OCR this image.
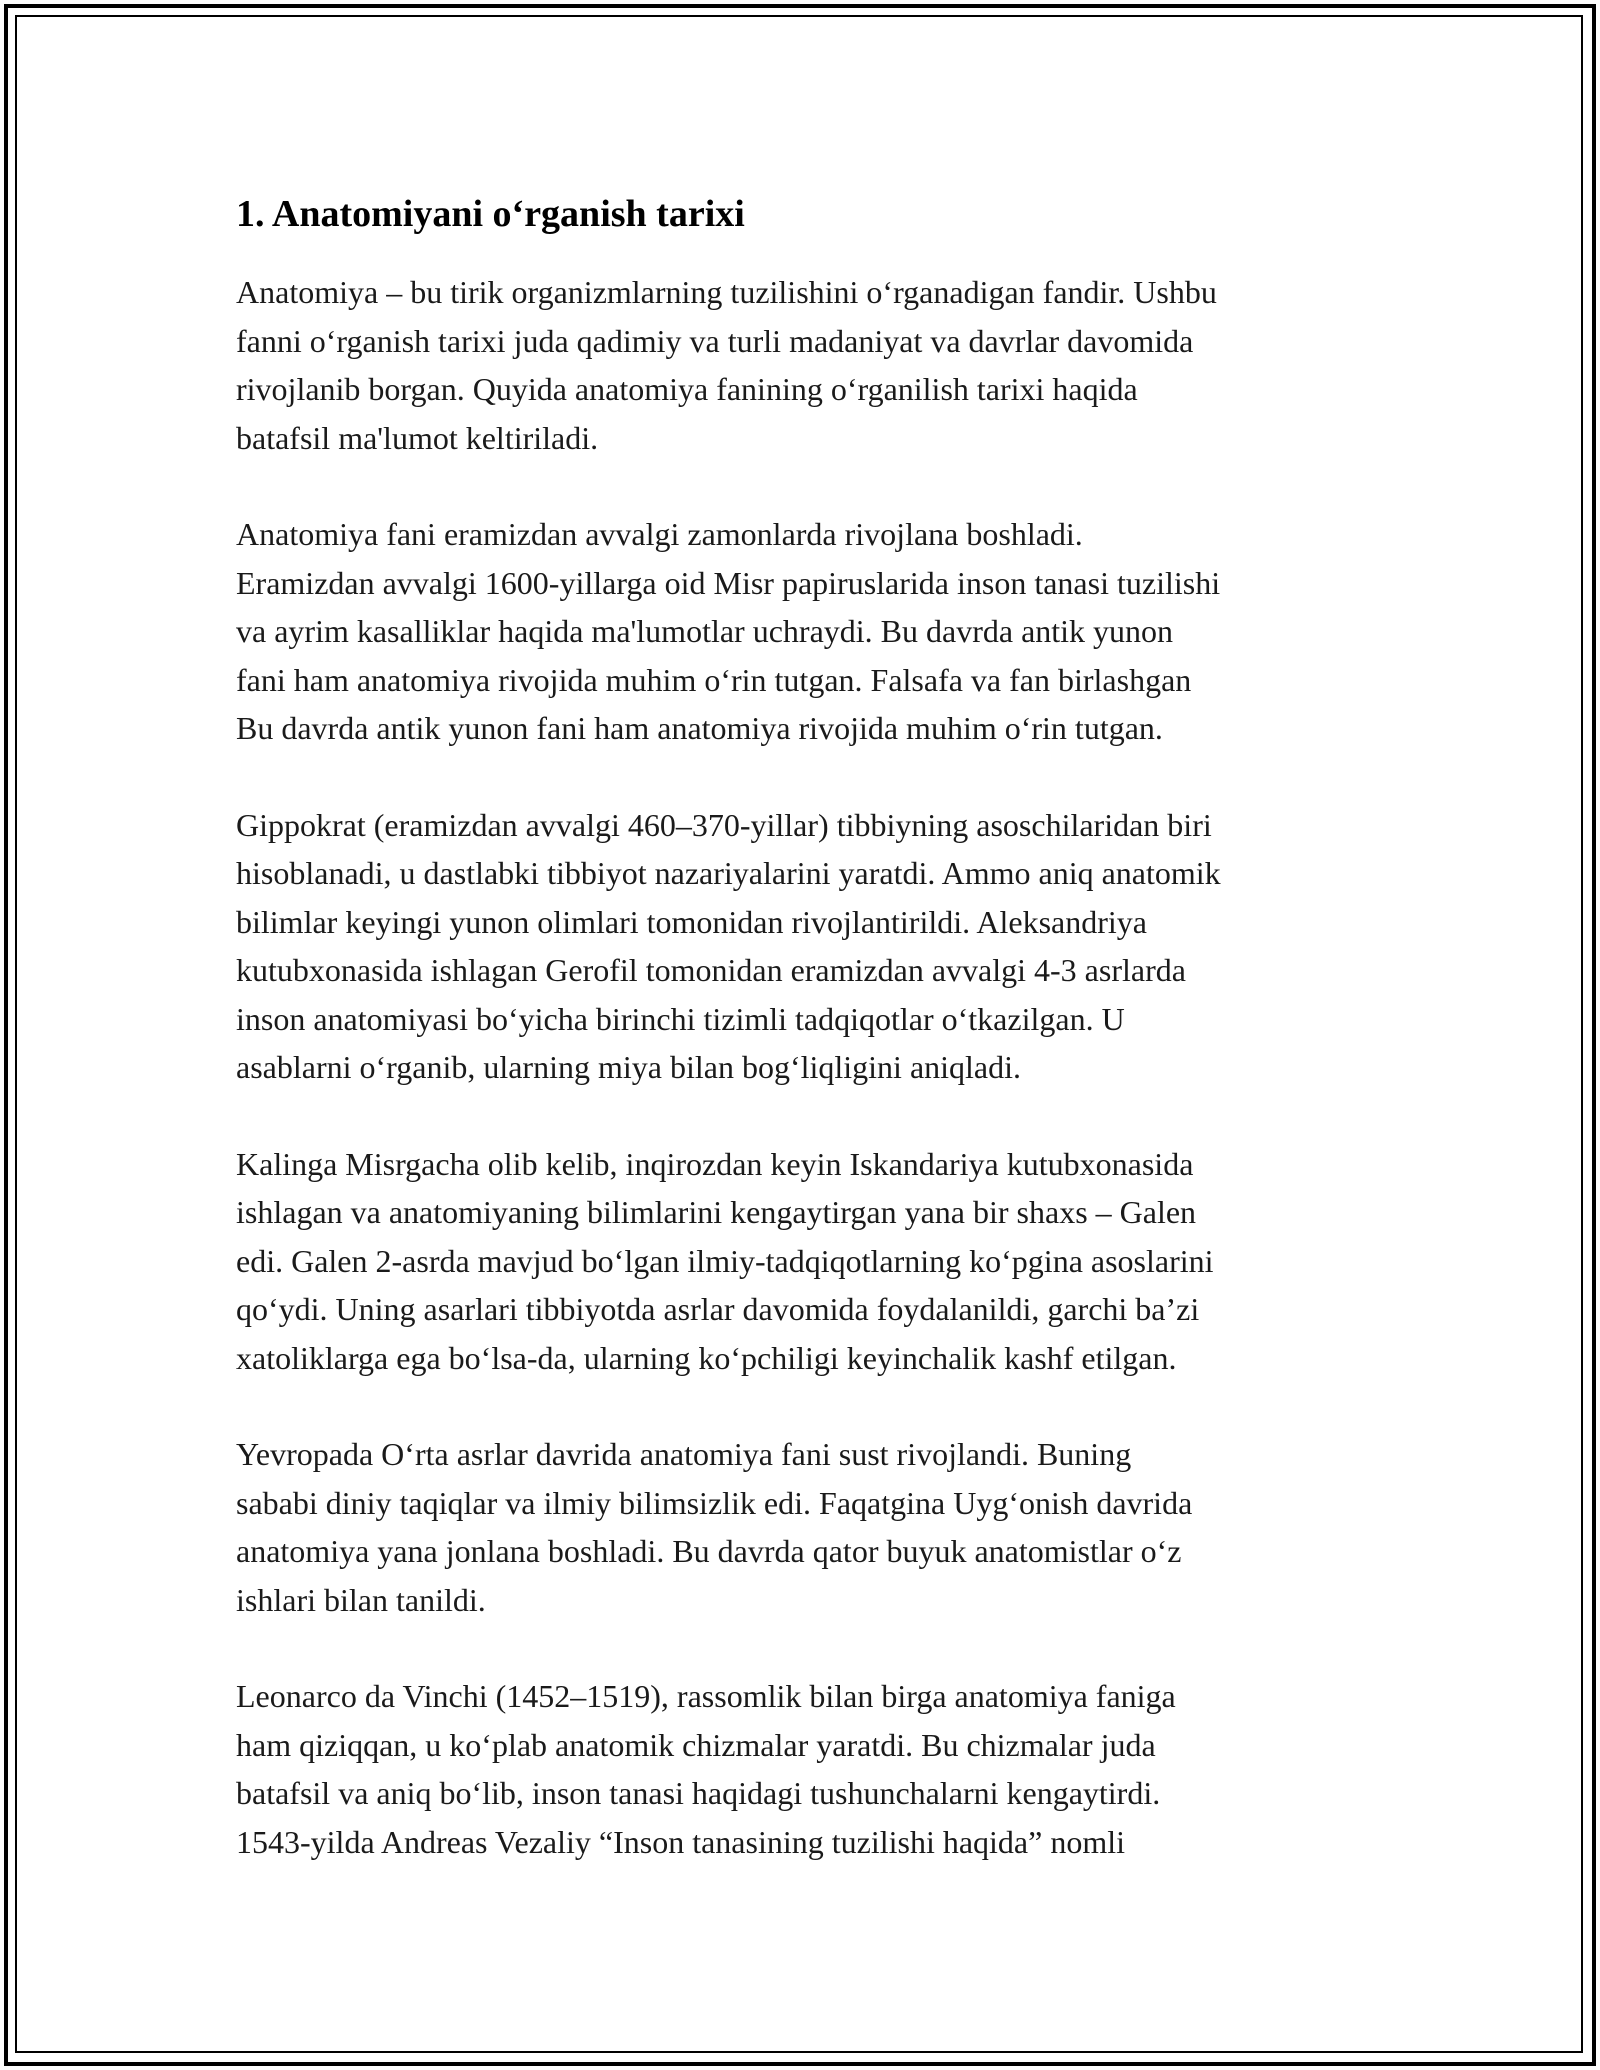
1. Anatomiyani o‘rganish tarixi

Anatomiya – bu tirik organizmlarning tuzilishini o‘rganadigan fandir. Ushbu
fanni o‘rganish tarixi juda qadimiy va turli madaniyat va davrlar davomida
rivojlanib borgan. Quyida anatomiya fanining o‘rganilish tarixi haqida
batafsil ma'lumot keltiriladi.

Anatomiya fani eramizdan avvalgi zamonlarda rivojlana boshladi.
Eramizdan avvalgi 1600-yillarga oid Misr papiruslarida inson tanasi tuzilishi
va ayrim kasalliklar haqida ma'lumotlar uchraydi. Bu davrda antik yunon
fani ham anatomiya rivojida muhim o‘rin tutgan. Falsafa va fan birlashgan
Bu davrda antik yunon fani ham anatomiya rivojida muhim o‘rin tutgan.

Gippokrat (eramizdan avvalgi 460–370-yillar) tibbiyning asoschilaridan biri
hisoblanadi, u dastlabki tibbiyot nazariyalarini yaratdi. Ammo aniq anatomik
bilimlar keyingi yunon olimlari tomonidan rivojlantirildi. Aleksandriya
kutubxonasida ishlagan Gerofil tomonidan eramizdan avvalgi 4-3 asrlarda
inson anatomiyasi bo‘yicha birinchi tizimli tadqiqotlar o‘tkazilgan. U
asablarni o‘rganib, ularning miya bilan bog‘liqligini aniqladi.

Kalinga Misrgacha olib kelib, inqirozdan keyin Iskandariya kutubxonasida
ishlagan va anatomiyaning bilimlarini kengaytirgan yana bir shaxs – Galen
edi. Galen 2-asrda mavjud bo‘lgan ilmiy-tadqiqotlarning ko‘pgina asoslarini
qo‘ydi. Uning asarlari tibbiyotda asrlar davomida foydalanildi, garchi ba’zi
xatoliklarga ega bo‘lsa-da, ularning ko‘pchiligi keyinchalik kashf etilgan.

Yevropada O‘rta asrlar davrida anatomiya fani sust rivojlandi. Buning
sababi diniy taqiqlar va ilmiy bilimsizlik edi. Faqatgina Uyg‘onish davrida
anatomiya yana jonlana boshladi. Bu davrda qator buyuk anatomistlar o‘z
ishlari bilan tanildi.

Leonarco da Vinchi (1452–1519), rassomlik bilan birga anatomiya faniga
ham qiziqqan, u ko‘plab anatomik chizmalar yaratdi. Bu chizmalar juda
batafsil va aniq bo‘lib, inson tanasi haqidagi tushunchalarni kengaytirdi.
1543-yilda Andreas Vezaliy “Inson tanasining tuzilishi haqida” nomli
